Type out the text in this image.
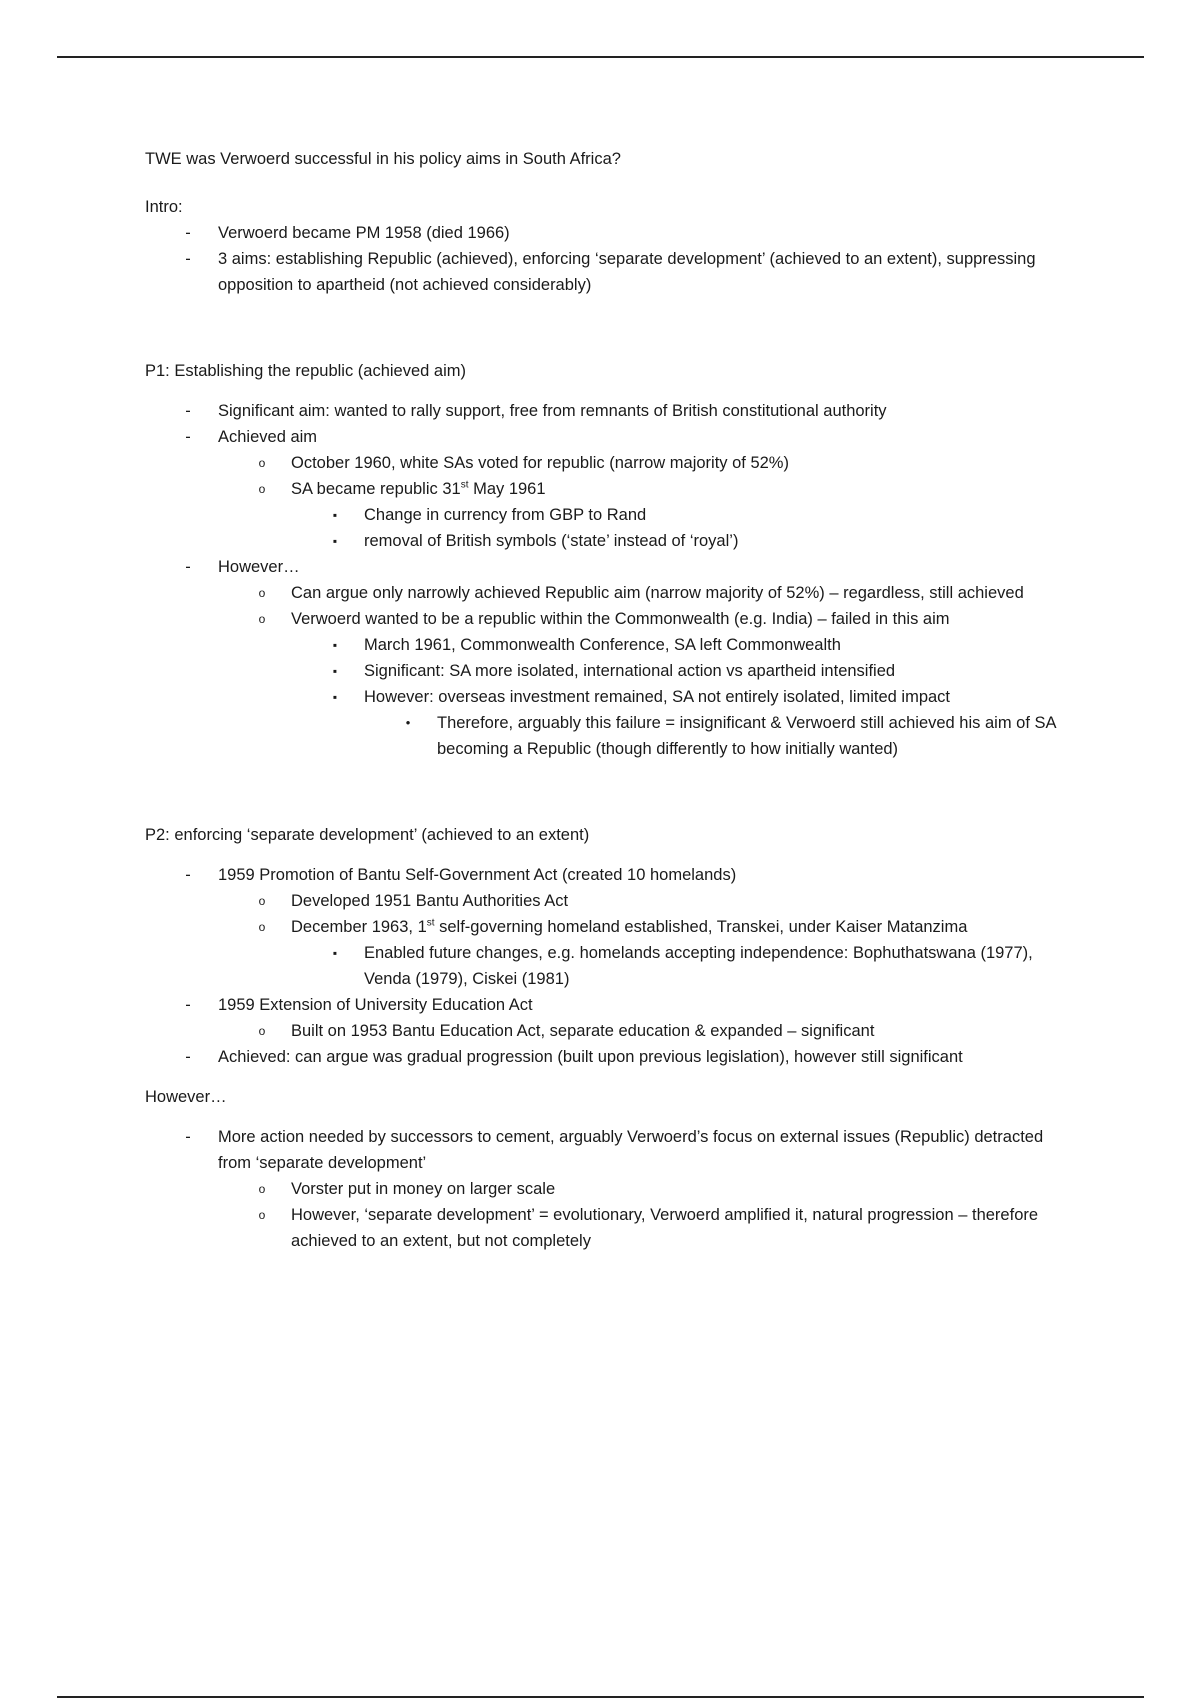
TWE was Verwoerd successful in his policy aims in South Africa?

Intro:

- Verwoerd became PM 1958 (died 1966)
- 3 aims: establishing Republic (achieved), enforcing ‘separate development’ (achieved to an extent), suppressing opposition to apartheid (not achieved considerably)

P1: Establishing the republic (achieved aim)

- Significant aim: wanted to rally support, free from remnants of British constitutional authority
- Achieved aim
o October 1960, white SAs voted for republic (narrow majority of 52%)
o SA became republic 31st May 1961
▪ Change in currency from GBP to Rand
▪ removal of British symbols (‘state’ instead of ‘royal’)
- However…
o Can argue only narrowly achieved Republic aim (narrow majority of 52%) – regardless, still achieved
o Verwoerd wanted to be a republic within the Commonwealth (e.g. India) – failed in this aim
▪ March 1961, Commonwealth Conference, SA left Commonwealth
▪ Significant: SA more isolated, international action vs apartheid intensified
▪ However: overseas investment remained, SA not entirely isolated, limited impact
• Therefore, arguably this failure = insignificant & Verwoerd still achieved his aim of SA becoming a Republic (though differently to how initially wanted)

P2: enforcing ‘separate development’ (achieved to an extent)

- 1959 Promotion of Bantu Self-Government Act (created 10 homelands)
o Developed 1951 Bantu Authorities Act
o December 1963, 1st self-governing homeland established, Transkei, under Kaiser Matanzima
▪ Enabled future changes, e.g. homelands accepting independence: Bophuthatswana (1977), Venda (1979), Ciskei (1981)
- 1959 Extension of University Education Act
o Built on 1953 Bantu Education Act, separate education & expanded – significant
- Achieved: can argue was gradual progression (built upon previous legislation), however still significant

However…

- More action needed by successors to cement, arguably Verwoerd’s focus on external issues (Republic) detracted from ‘separate development’
o Vorster put in money on larger scale
o However, ‘separate development’ = evolutionary, Verwoerd amplified it, natural progression – therefore achieved to an extent, but not completely
